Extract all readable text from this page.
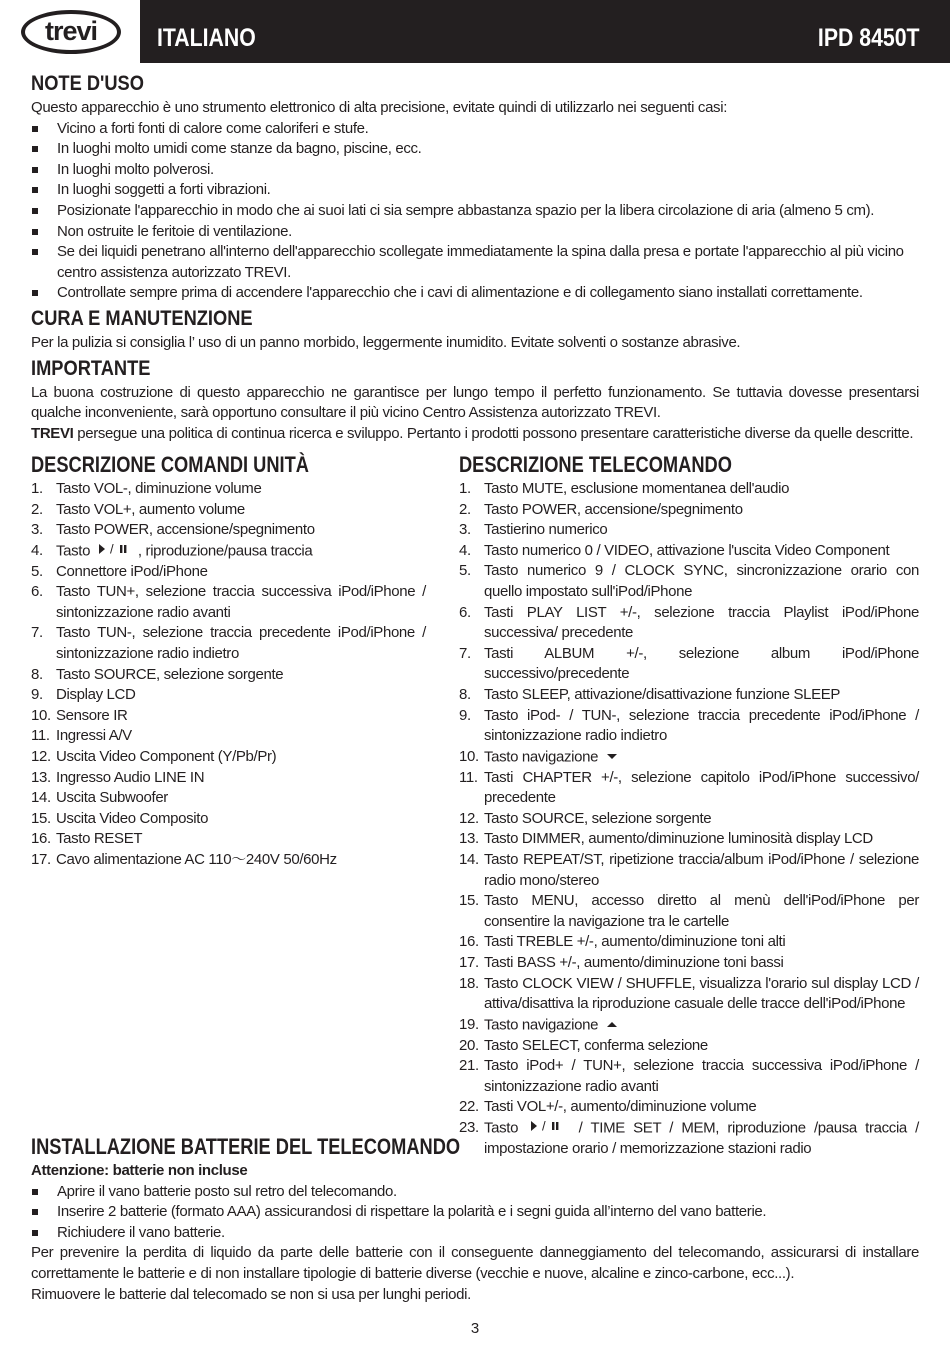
trevi ITALIANO	IPD 8450T
NOTE D'USO
Questo apparecchio è uno strumento elettronico di alta precisione, evitate quindi di utilizzarlo nei seguenti casi:
Vicino a forti fonti di calore come caloriferi e stufe.
In luoghi molto umidi come stanze da bagno, piscine, ecc.
In luoghi molto polverosi.
In luoghi soggetti a forti vibrazioni.
Posizionate l'apparecchio in modo che ai suoi lati ci sia sempre abbastanza spazio per la libera circolazione di aria (almeno 5 cm).
Non ostruite le feritoie di ventilazione.
Se dei liquidi penetrano all'interno dell'apparecchio scollegate immediatamente la spina dalla presa e portate l'apparecchio al più vicino centro assistenza autorizzato TREVI.
Controllate sempre prima di accendere l'apparecchio che i cavi di alimentazione e di collegamento siano installati correttamente.
CURA E MANUTENZIONE
Per la pulizia si consiglia l’ uso di un panno morbido, leggermente inumidito. Evitate solventi o sostanze abrasive.
IMPORTANTE
La buona costruzione di questo apparecchio ne garantisce per lungo tempo il perfetto funzionamento. Se tuttavia dovesse presentarsi qualche inconveniente, sarà opportuno consultare il più vicino Centro Assistenza autorizzato TREVI.
TREVI persegue una politica di continua ricerca e sviluppo. Pertanto i prodotti possono presentare caratteristiche diverse da quelle descritte.
DESCRIZIONE COMANDI UNITÀ
1. Tasto VOL-, diminuzione volume
2. Tasto VOL+, aumento volume
3. Tasto POWER, accensione/spegnimento
4. Tasto / , riproduzione/pausa traccia
5. Connettore iPod/iPhone
6. Tasto TUN+, selezione traccia successiva iPod/iPhone / sintonizzazione radio avanti
7. Tasto TUN-, selezione traccia precedente iPod/iPhone / sintonizzazione radio indietro
8. Tasto SOURCE, selezione sorgente
9. Display LCD
10. Sensore IR
11. Ingressi A/V
12. Uscita Video Component (Y/Pb/Pr)
13. Ingresso Audio LINE IN
14. Uscita Subwoofer
15. Uscita Video Composito
16. Tasto RESET
17. Cavo alimentazione AC 110～240V 50/60Hz
DESCRIZIONE TELECOMANDO
1. Tasto MUTE, esclusione momentanea dell'audio
2. Tasto POWER, accensione/spegnimento
3. Tastierino numerico
4. Tasto numerico 0 / VIDEO, attivazione l'uscita Video Component
5. Tasto numerico 9 / CLOCK SYNC, sincronizzazione orario con quello impostato sull'iPod/iPhone
6. Tasti PLAY LIST +/-, selezione traccia Playlist iPod/iPhone successiva/ precedente
7. Tasti ALBUM +/-, selezione album iPod/iPhone successivo/precedente
8. Tasto SLEEP, attivazione/disattivazione funzione SLEEP
9. Tasto iPod- / TUN-, selezione traccia precedente iPod/iPhone / sintonizzazione radio indietro
10. Tasto navigazione
11. Tasti CHAPTER +/-, selezione capitolo iPod/iPhone successivo/ precedente
12. Tasto SOURCE, selezione sorgente
13. Tasto DIMMER, aumento/diminuzione luminosità display LCD
14. Tasto REPEAT/ST, ripetizione traccia/album iPod/iPhone / selezione radio mono/stereo
15. Tasto MENU, accesso diretto al menù dell'iPod/iPhone per consentire la navigazione tra le cartelle
16. Tasti TREBLE +/-, aumento/diminuzione toni alti
17. Tasti BASS +/-, aumento/diminuzione toni bassi
18. Tasto CLOCK VIEW / SHUFFLE, visualizza l'orario sul display LCD / attiva/disattiva la riproduzione casuale delle tracce dell'iPod/iPhone
19. Tasto navigazione
20. Tasto SELECT, conferma selezione
21. Tasto iPod+ / TUN+, selezione traccia successiva iPod/iPhone / sintonizzazione radio avanti
22. Tasti VOL+/-, aumento/diminuzione volume
23. Tasto / / TIME SET / MEM, riproduzione /pausa traccia / impostazione orario / memorizzazione stazioni radio
INSTALLAZIONE BATTERIE DEL TELECOMANDO
Attenzione: batterie non incluse
Aprire il vano batterie posto sul retro del telecomando.
Inserire 2 batterie (formato AAA) assicurandosi di rispettare la polarità e i segni guida all’interno del vano batterie.
Richiudere il vano batterie.
Per prevenire la perdita di liquido da parte delle batterie con il conseguente danneggiamento del telecomando, assicurarsi di installare correttamente le batterie e di non installare tipologie di batterie diverse (vecchie e nuove, alcaline e zinco-carbone, ecc...).
Rimuovere le batterie dal telecomado se non si usa per lunghi periodi.
3
